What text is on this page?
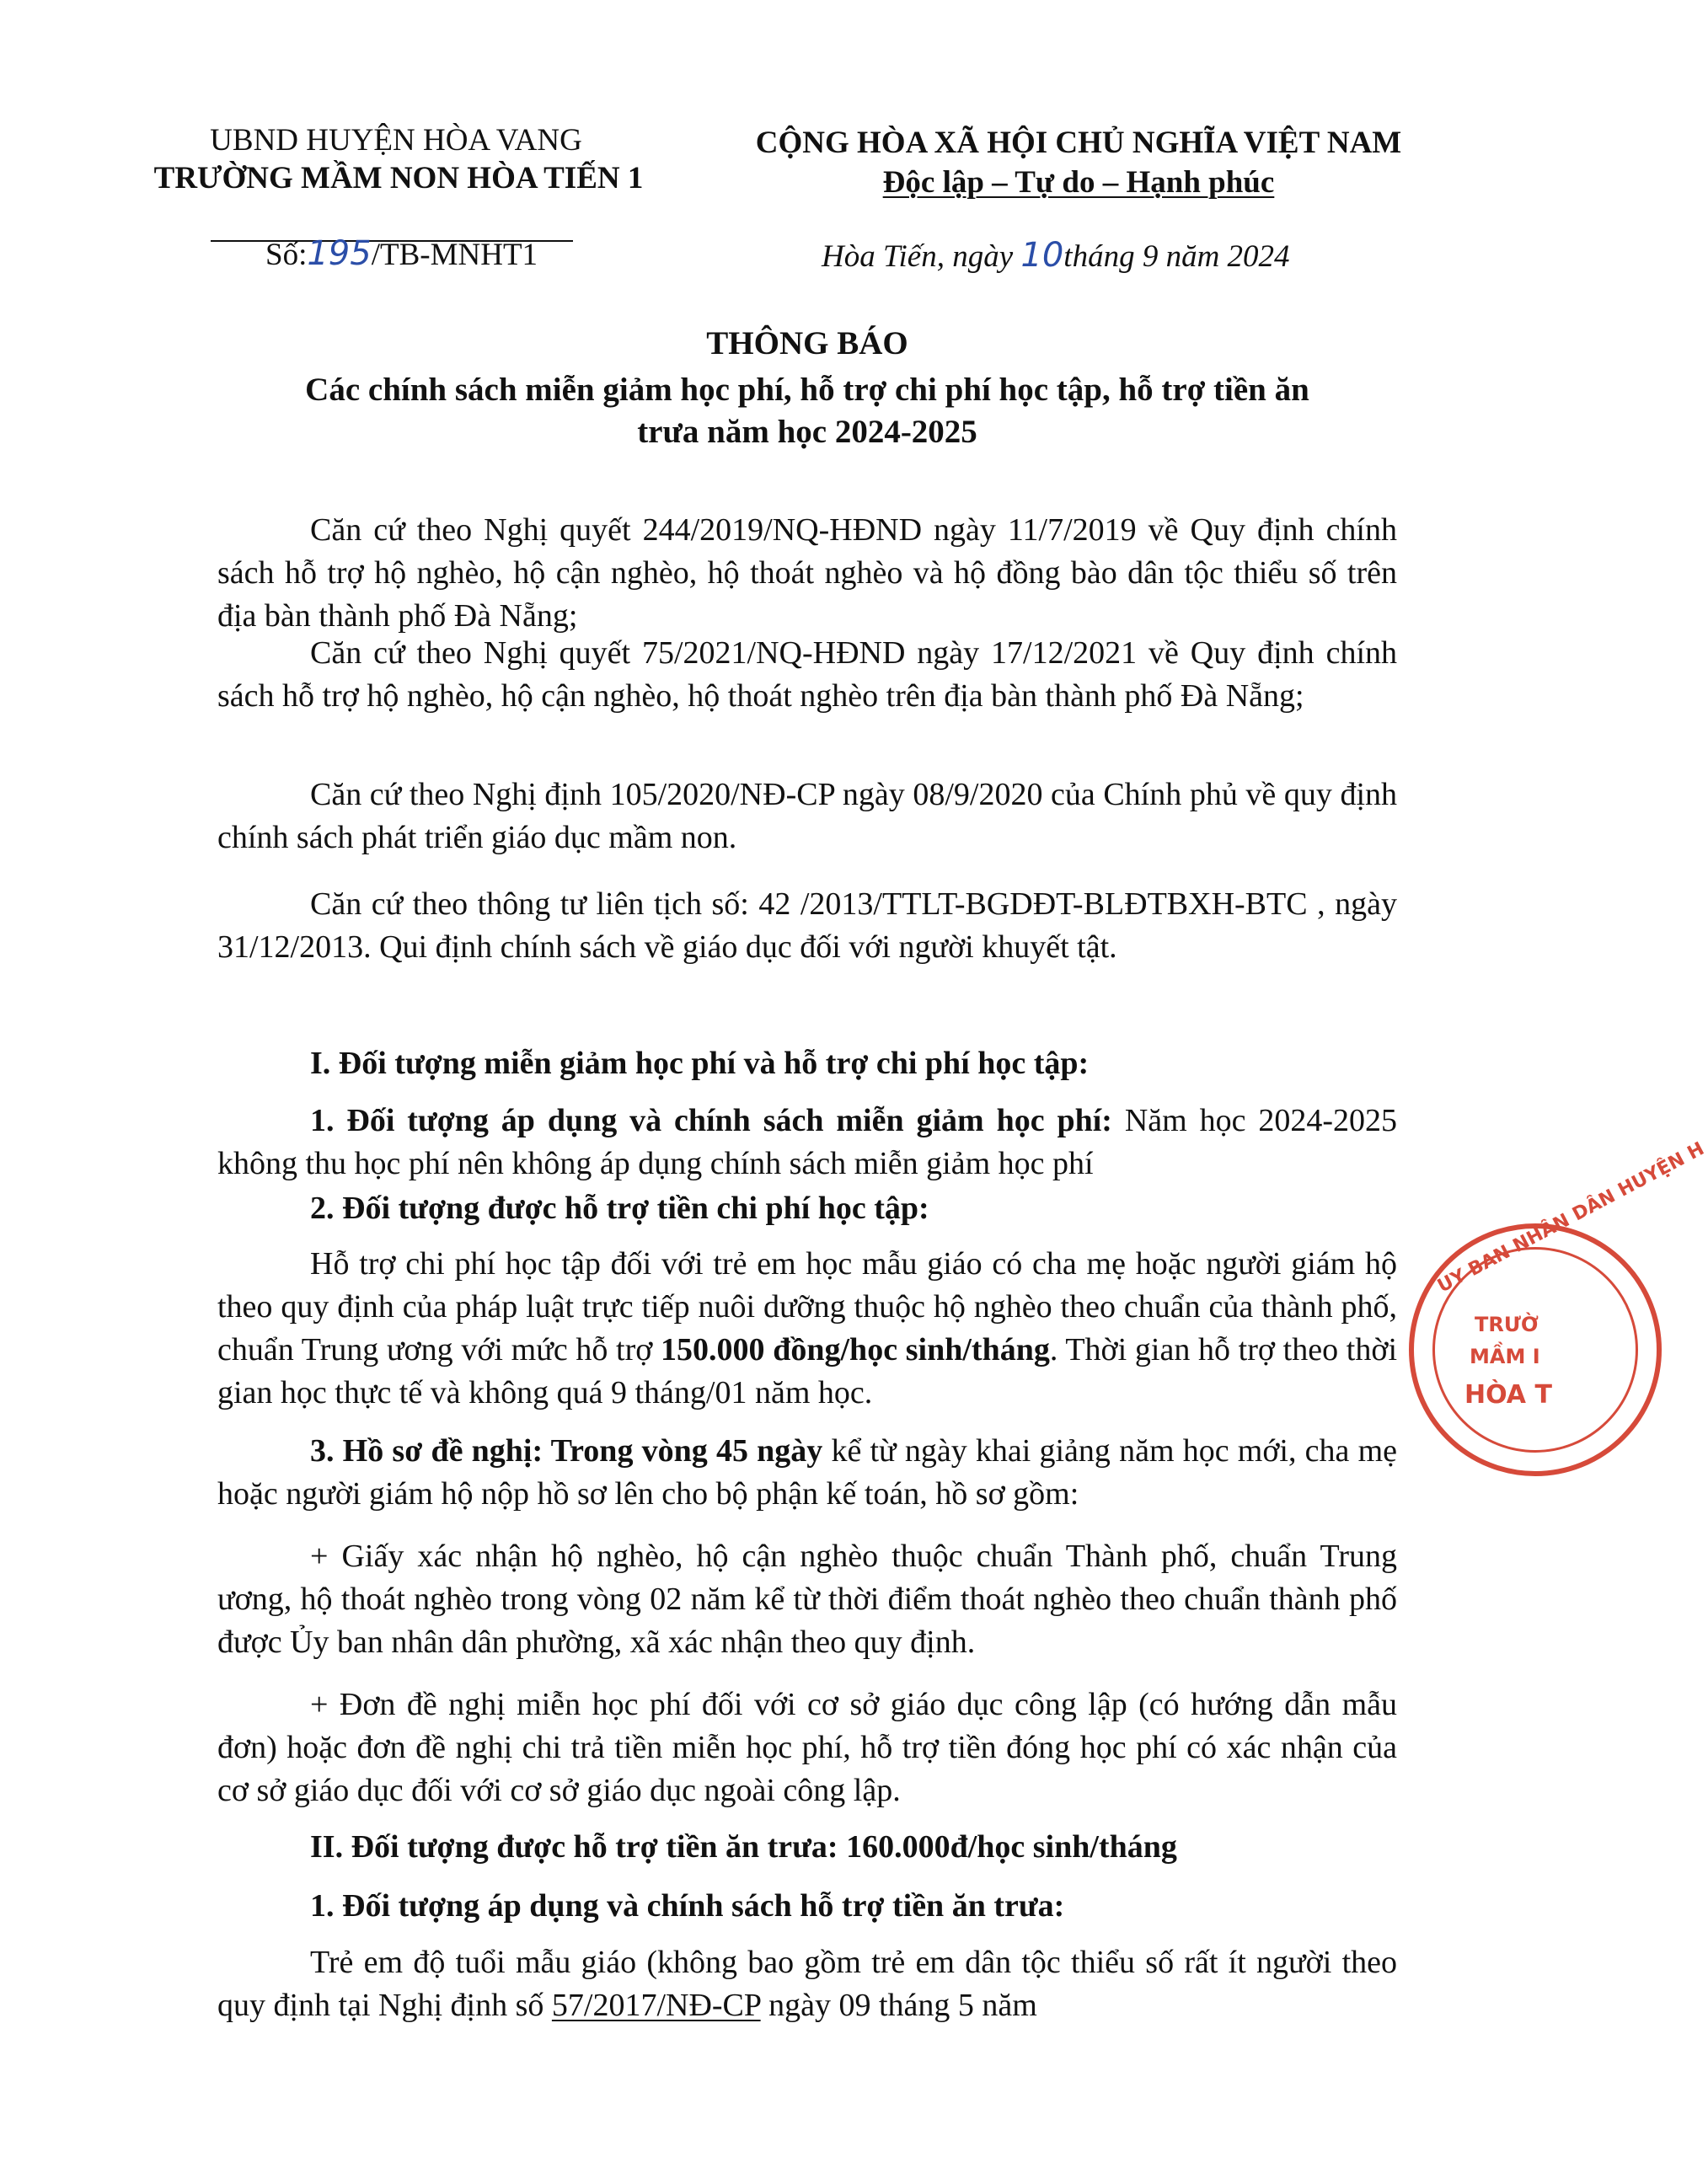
UBND HUYỆN HÒA VANG
TRƯỜNG MẦM NON HÒA TIẾN 1
Số:195/TB-MNHT1
CỘNG HÒA XÃ HỘI CHỦ NGHĨA VIỆT NAM
Độc lập – Tự do – Hạnh phúc
Hòa Tiến, ngày 10tháng 9 năm 2024
THÔNG BÁO
Các chính sách miễn giảm học phí, hỗ trợ chi phí học tập, hỗ trợ tiền ăn
trưa năm học 2024-2025
Căn cứ theo Nghị quyết 244/2019/NQ-HĐND ngày 11/7/2019 về Quy định chính sách hỗ trợ hộ nghèo, hộ cận nghèo, hộ thoát nghèo và hộ đồng bào dân tộc thiểu số trên địa bàn thành phố Đà Nẵng;
Căn cứ theo Nghị quyết 75/2021/NQ-HĐND ngày 17/12/2021 về Quy định chính sách hỗ trợ hộ nghèo, hộ cận nghèo, hộ thoát nghèo trên địa bàn thành phố Đà Nẵng;
Căn cứ theo Nghị định 105/2020/NĐ-CP ngày 08/9/2020 của Chính phủ về quy định chính sách phát triển giáo dục mầm non.
Căn cứ theo thông tư liên tịch số: 42 /2013/TTLT-BGDĐT-BLĐTBXH-BTC , ngày 31/12/2013. Qui định chính sách về giáo dục đối với người khuyết tật.
I. Đối tượng miễn giảm học phí và hỗ trợ chi phí học tập:
1. Đối tượng áp dụng và chính sách miễn giảm học phí: Năm học 2024-2025 không thu học phí nên không áp dụng chính sách miễn giảm học phí
2. Đối tượng được hỗ trợ tiền chi phí học tập:
Hỗ trợ chi phí học tập đối với trẻ em học mẫu giáo có cha mẹ hoặc người giám hộ theo quy định của pháp luật trực tiếp nuôi dưỡng thuộc hộ nghèo theo chuẩn của thành phố, chuẩn Trung ương với mức hỗ trợ 150.000 đồng/học sinh/tháng. Thời gian hỗ trợ theo thời gian học thực tế và không quá 9 tháng/01 năm học.
3. Hồ sơ đề nghị: Trong vòng 45 ngày kể từ ngày khai giảng năm học mới, cha mẹ hoặc người giám hộ nộp hồ sơ lên cho bộ phận kế toán, hồ sơ gồm:
+ Giấy xác nhận hộ nghèo, hộ cận nghèo thuộc chuẩn Thành phố, chuẩn Trung ương, hộ thoát nghèo trong vòng 02 năm kể từ thời điểm thoát nghèo theo chuẩn thành phố được Ủy ban nhân dân phường, xã xác nhận theo quy định.
+ Đơn đề nghị miễn học phí đối với cơ sở giáo dục công lập (có hướng dẫn mẫu đơn) hoặc đơn đề nghị chi trả tiền miễn học phí, hỗ trợ tiền đóng học phí có xác nhận của cơ sở giáo dục đối với cơ sở giáo dục ngoài công lập.
II. Đối tượng được hỗ trợ tiền ăn trưa: 160.000đ/học sinh/tháng
1. Đối tượng áp dụng và chính sách hỗ trợ tiền ăn trưa:
Trẻ em độ tuổi mẫu giáo (không bao gồm trẻ em dân tộc thiểu số rất ít người theo quy định tại Nghị định số 57/2017/NĐ-CP ngày 09 tháng 5 năm
UY BAN NHÂN DÂN HUYỆN H
TRƯỜ
MẦM I
HÒA T
